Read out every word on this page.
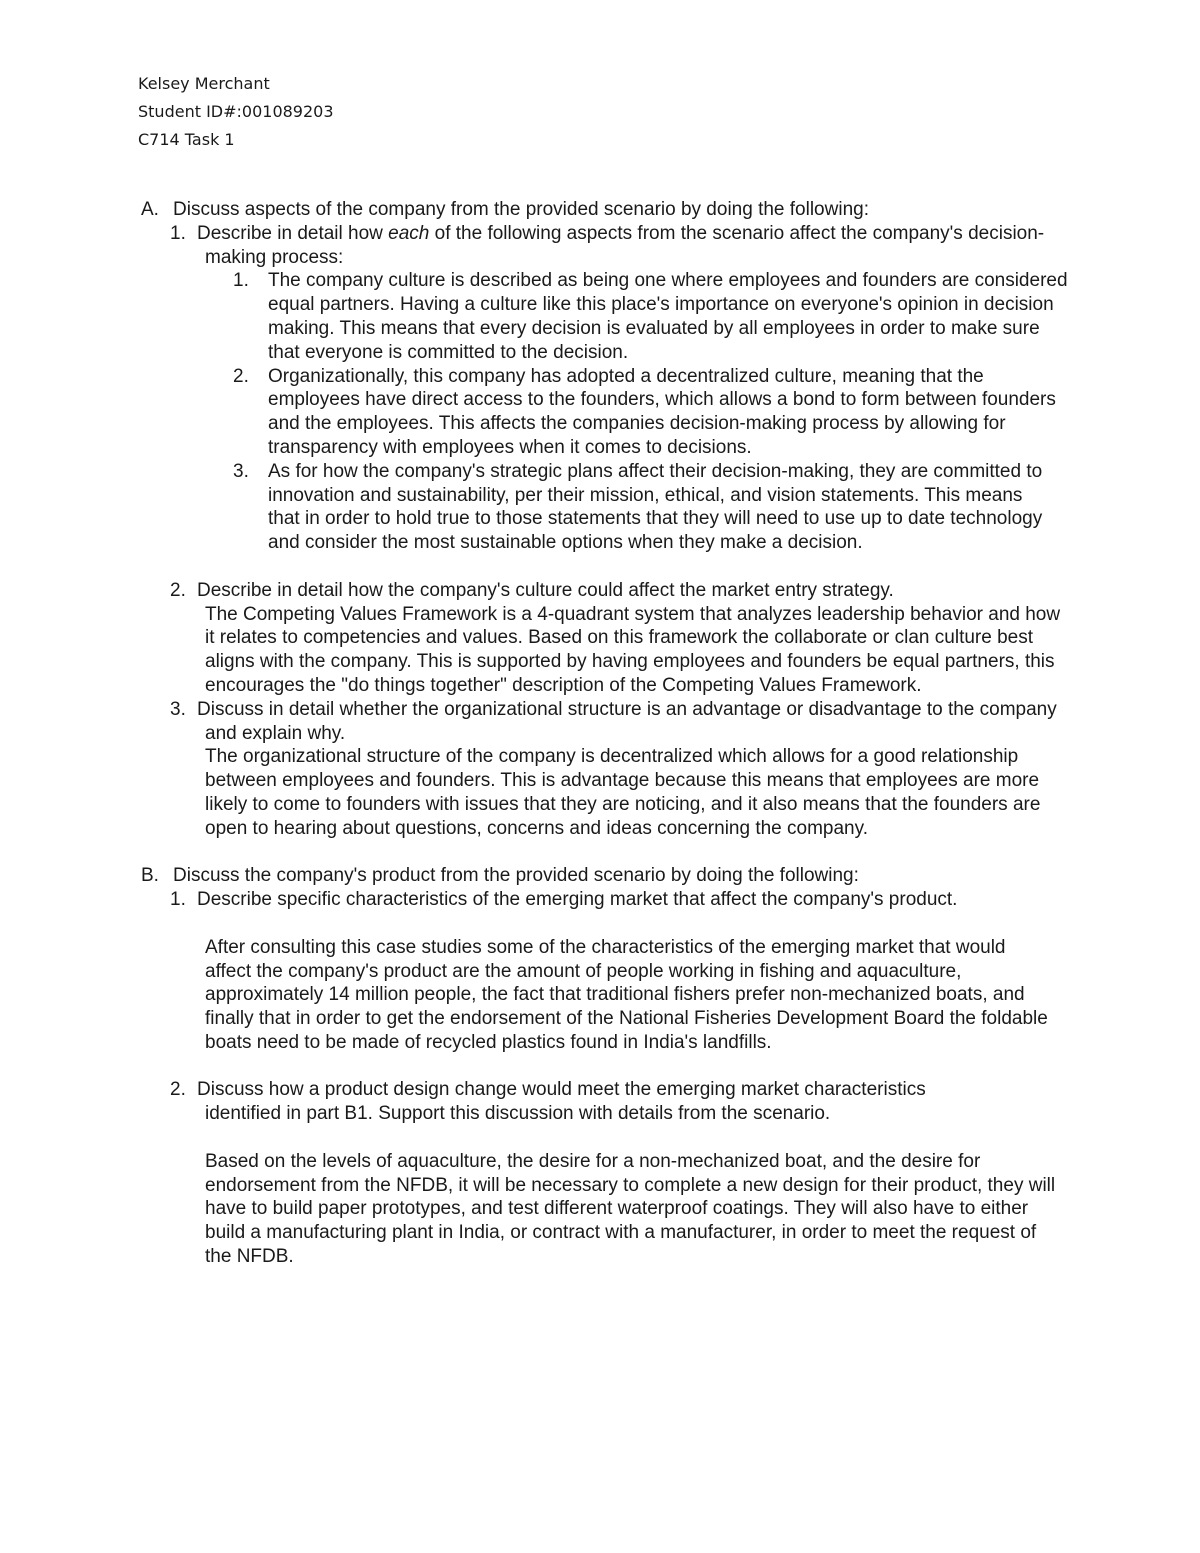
Kelsey Merchant
Student ID#:001089203
C714 Task 1
A. Discuss aspects of the company from the provided scenario by doing the following:
1. Describe in detail how each of the following aspects from the scenario affect the company's decision-making process:
1. The company culture is described as being one where employees and founders are considered equal partners. Having a culture like this place's importance on everyone's opinion in decision making. This means that every decision is evaluated by all employees in order to make sure that everyone is committed to the decision.
2. Organizationally, this company has adopted a decentralized culture, meaning that the employees have direct access to the founders, which allows a bond to form between founders and the employees. This affects the companies decision-making process by allowing for transparency with employees when it comes to decisions.
3. As for how the company's strategic plans affect their decision-making, they are committed to innovation and sustainability, per their mission, ethical, and vision statements. This means that in order to hold true to those statements that they will need to use up to date technology and consider the most sustainable options when they make a decision.
2. Describe in detail how the company's culture could affect the market entry strategy.
The Competing Values Framework is a 4-quadrant system that analyzes leadership behavior and how it relates to competencies and values. Based on this framework the collaborate or clan culture best aligns with the company. This is supported by having employees and founders be equal partners, this encourages the "do things together" description of the Competing Values Framework.
3. Discuss in detail whether the organizational structure is an advantage or disadvantage to the company and explain why.
The organizational structure of the company is decentralized which allows for a good relationship between employees and founders. This is advantage because this means that employees are more likely to come to founders with issues that they are noticing, and it also means that the founders are open to hearing about questions, concerns and ideas concerning the company.
B. Discuss the company's product from the provided scenario by doing the following:
1. Describe specific characteristics of the emerging market that affect the company's product.
After consulting this case studies some of the characteristics of the emerging market that would affect the company's product are the amount of people working in fishing and aquaculture, approximately 14 million people, the fact that traditional fishers prefer non-mechanized boats, and finally that in order to get the endorsement of the National Fisheries Development Board the foldable boats need to be made of recycled plastics found in India's landfills.
2. Discuss how a product design change would meet the emerging market characteristics identified in part B1. Support this discussion with details from the scenario.
Based on the levels of aquaculture, the desire for a non-mechanized boat, and the desire for endorsement from the NFDB, it will be necessary to complete a new design for their product, they will have to build paper prototypes, and test different waterproof coatings. They will also have to either build a manufacturing plant in India, or contract with a manufacturer, in order to meet the request of the NFDB.
